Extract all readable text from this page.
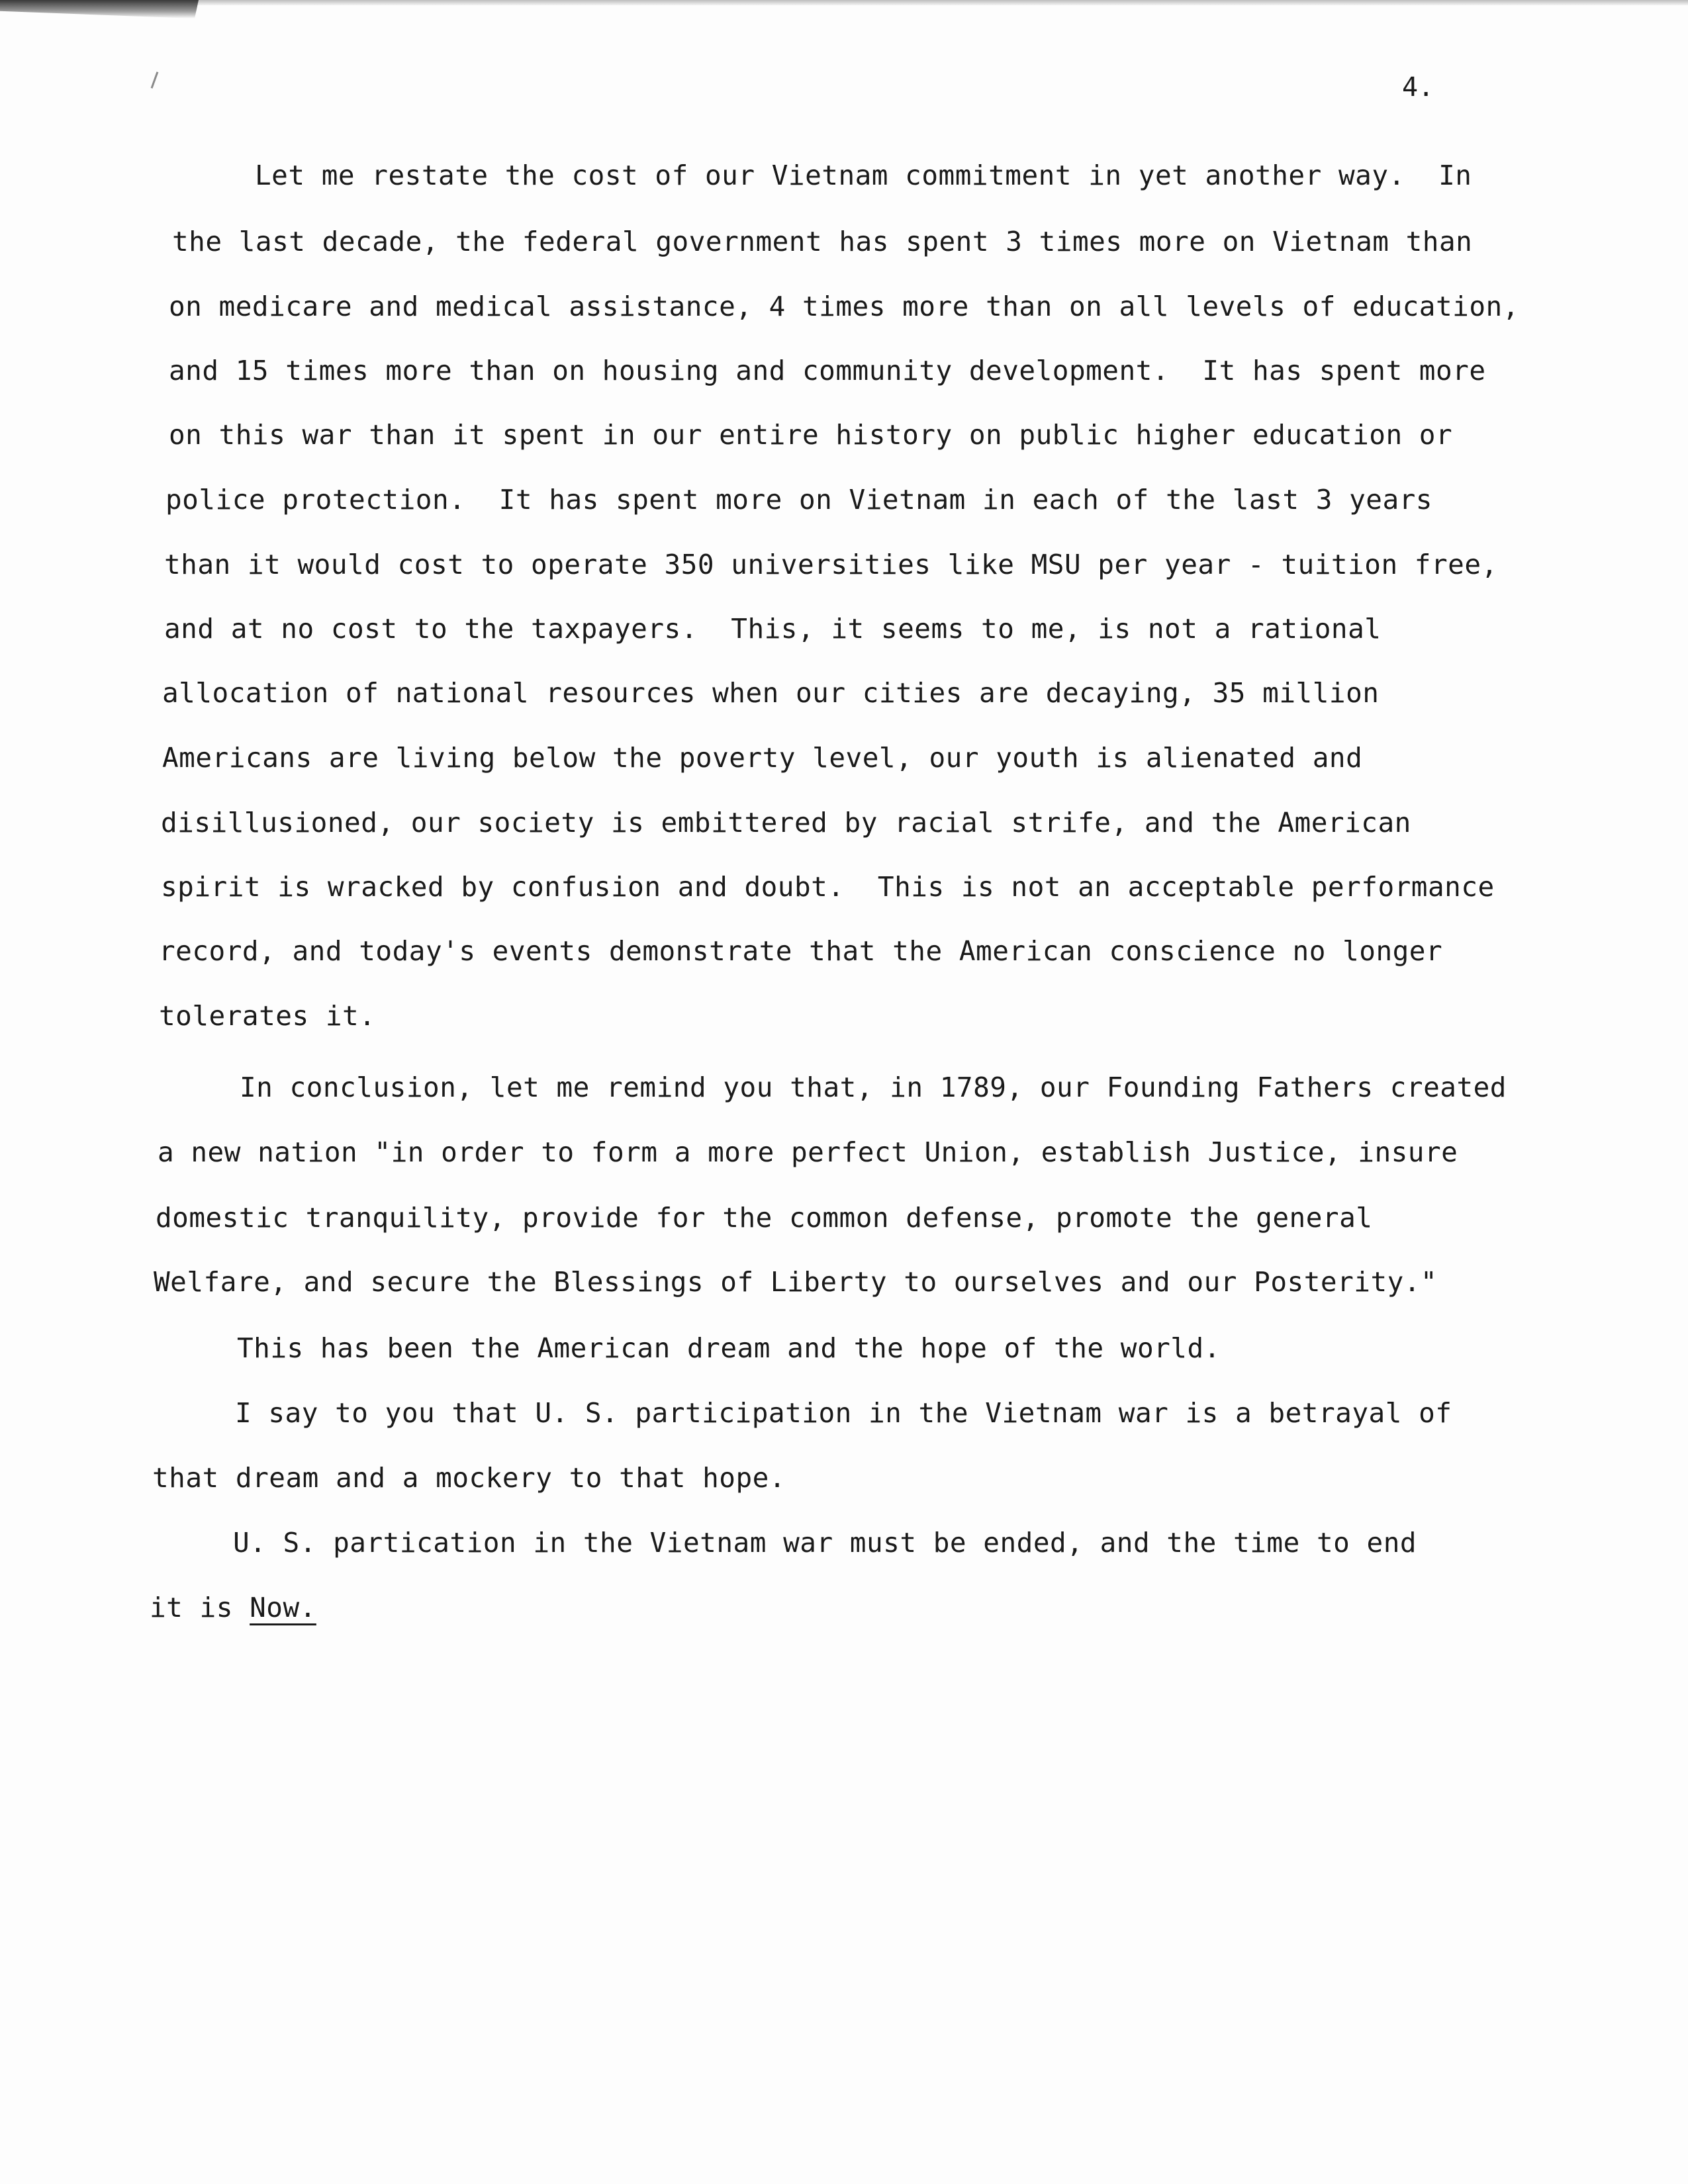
4.
Let me restate the cost of our Vietnam commitment in yet another way.  In
the last decade, the federal government has spent 3 times more on Vietnam than
on medicare and medical assistance, 4 times more than on all levels of education,
and 15 times more than on housing and community development.  It has spent more
on this war than it spent in our entire history on public higher education or
police protection.  It has spent more on Vietnam in each of the last 3 years
than it would cost to operate 350 universities like MSU per year - tuition free,
and at no cost to the taxpayers.  This, it seems to me, is not a rational
allocation of national resources when our cities are decaying, 35 million
Americans are living below the poverty level, our youth is alienated and
disillusioned, our society is embittered by racial strife, and the American
spirit is wracked by confusion and doubt.  This is not an acceptable performance
record, and today's events demonstrate that the American conscience no longer
tolerates it.
In conclusion, let me remind you that, in 1789, our Founding Fathers created
a new nation "in order to form a more perfect Union, establish Justice, insure
domestic tranquility, provide for the common defense, promote the general
Welfare, and secure the Blessings of Liberty to ourselves and our Posterity."
This has been the American dream and the hope of the world.
I say to you that U. S. participation in the Vietnam war is a betrayal of
that dream and a mockery to that hope.
U. S. partication in the Vietnam war must be ended, and the time to end
it is Now.
